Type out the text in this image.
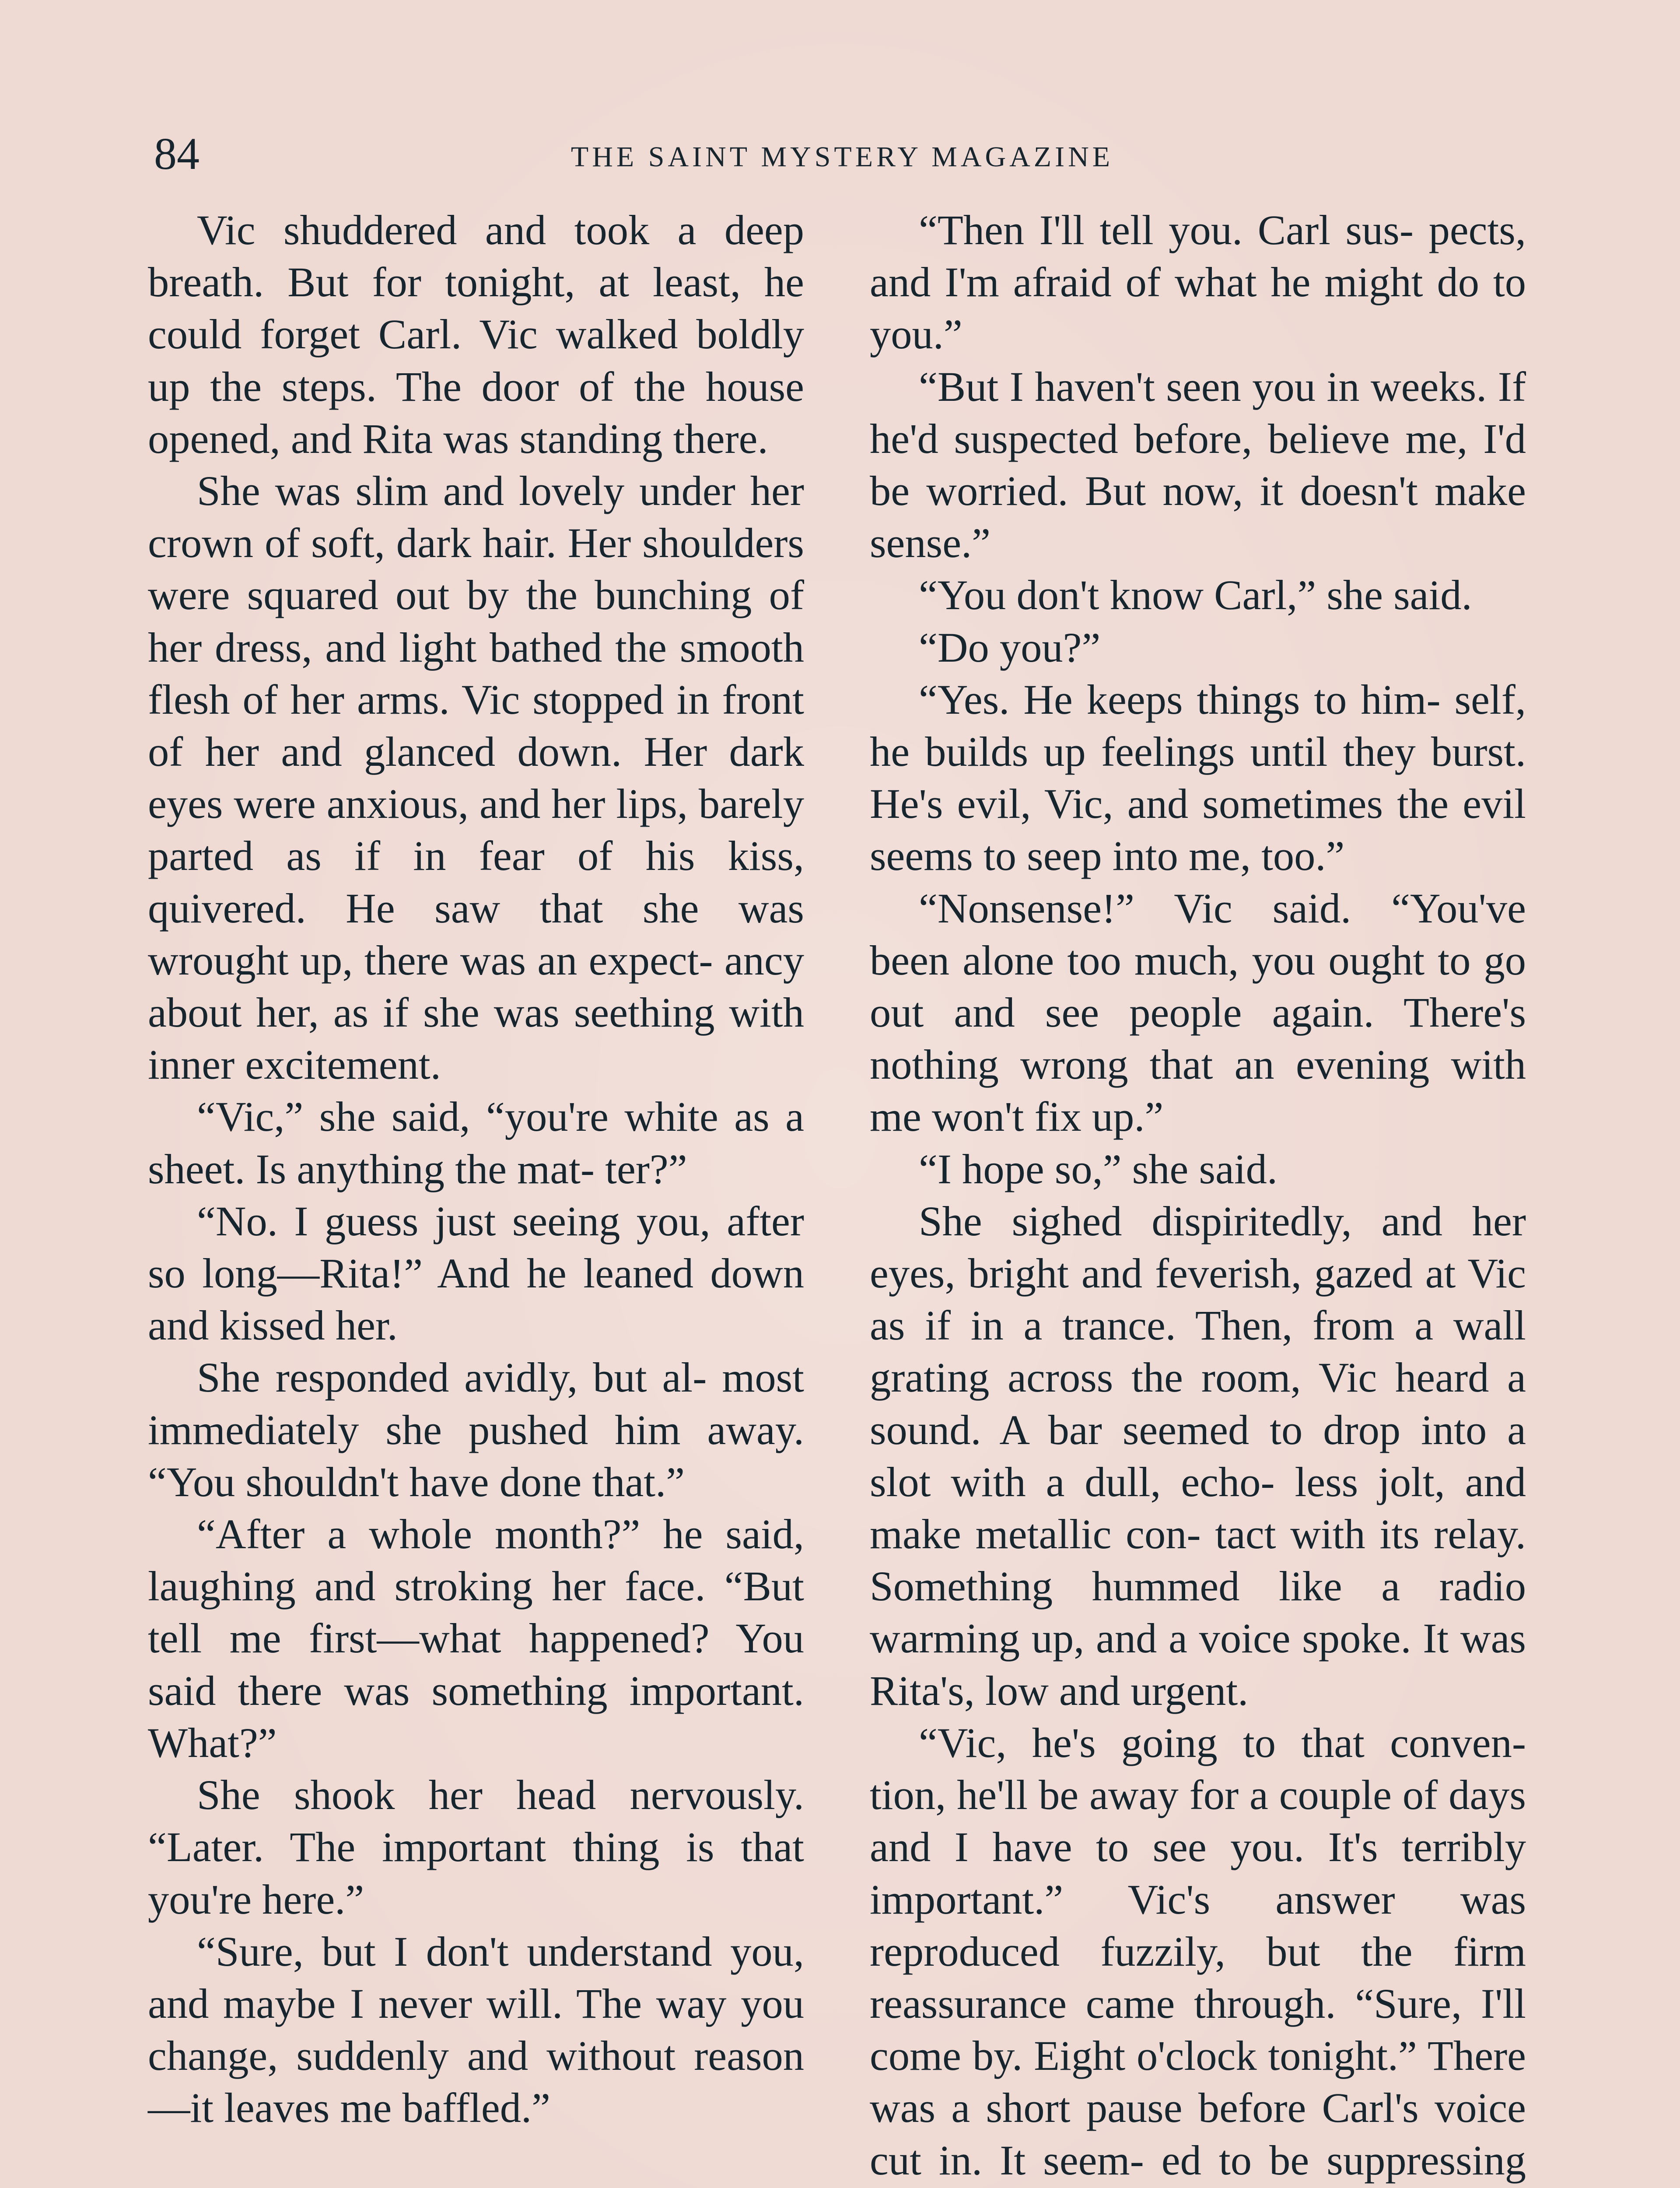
84	THE SAINT MYSTERY MAGAZINE

Vic shuddered and took a deep breath. But for tonight, at least, he could forget Carl. Vic walked boldly up the steps. The door of the house opened, and Rita was standing there.

She was slim and lovely under her crown of soft, dark hair. Her shoulders were squared out by the bunching of her dress, and light bathed the smooth flesh of her arms. Vic stopped in front of her and glanced down. Her dark eyes were anxious, and her lips, barely parted as if in fear of his kiss, quivered. He saw that she was wrought up, there was an expect- ancy about her, as if she was seething with inner excitement.

“Vic,” she said, “you're white as a sheet. Is anything the mat- ter?”

“No. I guess just seeing you, after so long—Rita!” And he leaned down and kissed her.

She responded avidly, but al- most immediately she pushed him away. “You shouldn't have done that.”

“After a whole month?” he said, laughing and stroking her face. “But tell me first—what happened? You said there was something important. What?”

She shook her head nervously. “Later. The important thing is that you're here.”

“Sure, but I don't understand you, and maybe I never will. The way you change, suddenly and without reason—it leaves me baffled.”

“Then I'll tell you. Carl sus- pects, and I'm afraid of what he might do to you.”

“But I haven't seen you in weeks. If he'd suspected before, believe me, I'd be worried. But now, it doesn't make sense.”

“You don't know Carl,” she said.

“Do you?”

“Yes. He keeps things to him- self, he builds up feelings until they burst. He's evil, Vic, and sometimes the evil seems to seep into me, too.”

“Nonsense!” Vic said. “You've been alone too much, you ought to go out and see people again. There's nothing wrong that an evening with me won't fix up.”

“I hope so,” she said.

She sighed dispiritedly, and her eyes, bright and feverish, gazed at Vic as if in a trance. Then, from a wall grating across the room, Vic heard a sound. A bar seemed to drop into a slot with a dull, echo- less jolt, and make metallic con- tact with its relay. Something hummed like a radio warming up, and a voice spoke. It was Rita's, low and urgent.

“Vic, he's going to that conven- tion, he'll be away for a couple of days and I have to see you. It's terribly important.” Vic's answer was reproduced fuzzily, but the firm reassurance came through. “Sure, I'll come by. Eight o'clock tonight.” There was a short pause before Carl's voice cut in. It seem- ed to be suppressing
